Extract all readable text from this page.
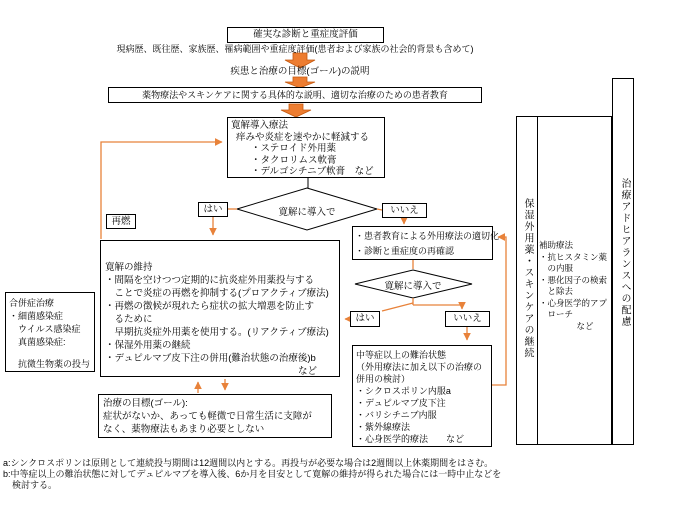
確実な診断と重症度評価
現病歴、既往歴、家族歴、罹病範囲や重症度評価(患者および家族の社会的背景も含めて)
疾患と治療の目標(ゴール)の説明
薬物療法やスキンケアに関する具体的な説明、適切な治療のための患者教育
寛解導入療法
痒みや炎症を速やかに軽減する
・ステロイド外用薬
・タクロリムス軟膏
・デルゴシチニブ軟膏　など
寛解に導入で
はい	いいえ
再燃
・患者教育による外用療法の適切化
・診断と重症度の再確認
寛解に導入で
はい	いいえ
寛解の維持
・間隔を空けつつ定期的に抗炎症外用薬投与する
　ことで炎症の再燃を抑制する(プロアクティブ療法)
・再燃の徴候が現れたら症状の拡大増悪を防止す
　るために
　早期抗炎症外用薬を使用する。(リアクティブ療法)
・保湿外用薬の継続
・デュピルマブ皮下注の併用(難治状態の治療後)b
など
合併症治療
・細菌感染症
　ウイルス感染症
　真菌感染症:
　抗微生物薬の投与
治療の目標(ゴール):
症状がないか、あっても軽微で日常生活に支障が
なく、薬物療法もあまり必要としない
中等症以上の難治状態
（外用療法に加え以下の治療の
併用の検討）
・シクロスポリン内服a
・デュピルマブ皮下注
・バリシチニブ内服
・紫外線療法
・心身医学的療法　　など
保湿外用薬・スキンケアの継続 補助療法
・抗ヒスタミン薬
　の内服
・悪化因子の検索
　と除去
・心身医学的アプ
　ローチ
など	治療アドヒアランスへの配慮
a:シンクロスポリンは原則として連続投与期間は12週間以内とする。再投与が必要な場合は2週間以上休薬期間をはさむ。
b:中等症以上の難治状態に対してデュピルマブを導入後、6か月を目安として寛解の維持が得られた場合には一時中止などを
　検討する。
